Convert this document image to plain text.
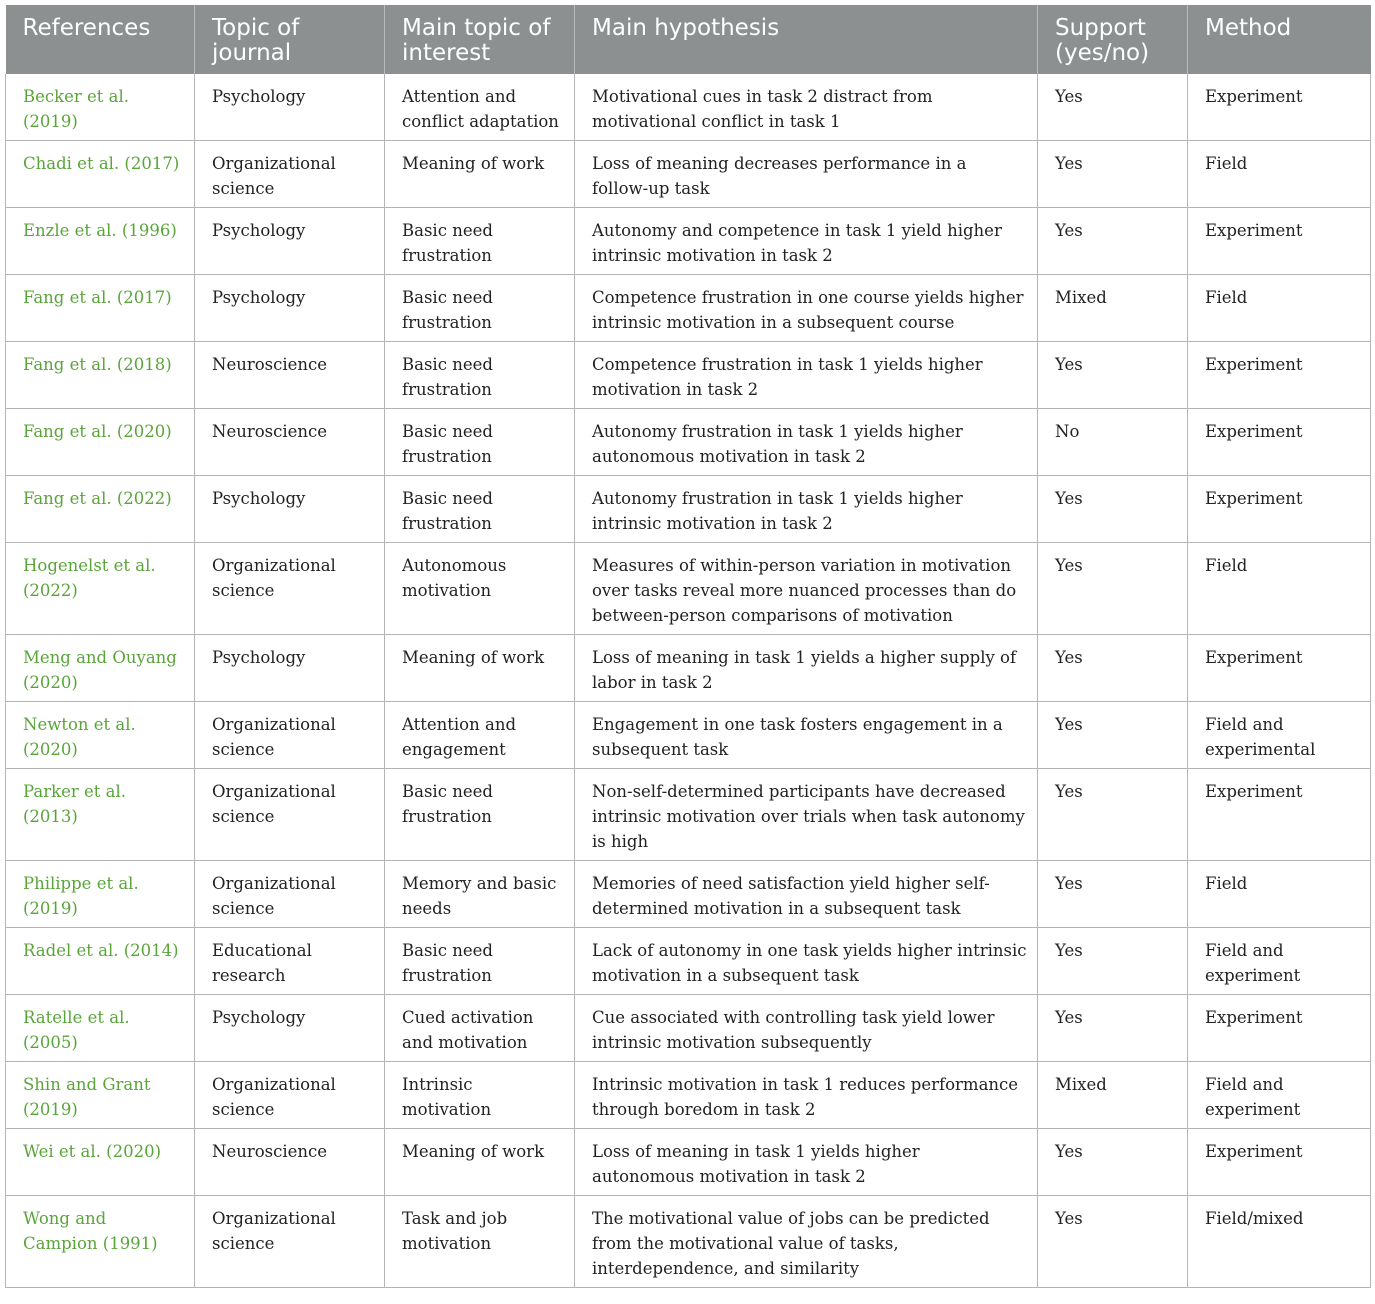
References	Topic of journal	Main topic of interest	Main hypothesis	Support (yes/no)	Method
Becker et al. (2019)	Psychology	Attention and conflict adaptation	Motivational cues in task 2 distract from motivational conflict in task 1	Yes	Experiment
Chadi et al. (2017)	Organizational science	Meaning of work	Loss of meaning decreases performance in a follow-up task	Yes	Field
Enzle et al. (1996)	Psychology	Basic need frustration	Autonomy and competence in task 1 yield higher intrinsic motivation in task 2	Yes	Experiment
Fang et al. (2017)	Psychology	Basic need frustration	Competence frustration in one course yields higher intrinsic motivation in a subsequent course	Mixed	Field
Fang et al. (2018)	Neuroscience	Basic need frustration	Competence frustration in task 1 yields higher motivation in task 2	Yes	Experiment
Fang et al. (2020)	Neuroscience	Basic need frustration	Autonomy frustration in task 1 yields higher autonomous motivation in task 2	No	Experiment
Fang et al. (2022)	Psychology	Basic need frustration	Autonomy frustration in task 1 yields higher intrinsic motivation in task 2	Yes	Experiment
Hogenelst et al. (2022)	Organizational science	Autonomous motivation	Measures of within-person variation in motivation over tasks reveal more nuanced processes than do between-person comparisons of motivation	Yes	Field
Meng and Ouyang (2020)	Psychology	Meaning of work	Loss of meaning in task 1 yields a higher supply of labor in task 2	Yes	Experiment
Newton et al. (2020)	Organizational science	Attention and engagement	Engagement in one task fosters engagement in a subsequent task	Yes	Field and experimental
Parker et al. (2013)	Organizational science	Basic need frustration	Non-self-determined participants have decreased intrinsic motivation over trials when task autonomy is high	Yes	Experiment
Philippe et al. (2019)	Organizational science	Memory and basic needs	Memories of need satisfaction yield higher self-determined motivation in a subsequent task	Yes	Field
Radel et al. (2014)	Educational research	Basic need frustration	Lack of autonomy in one task yields higher intrinsic motivation in a subsequent task	Yes	Field and experiment
Ratelle et al. (2005)	Psychology	Cued activation and motivation	Cue associated with controlling task yield lower intrinsic motivation subsequently	Yes	Experiment
Shin and Grant (2019)	Organizational science	Intrinsic motivation	Intrinsic motivation in task 1 reduces performance through boredom in task 2	Mixed	Field and experiment
Wei et al. (2020)	Neuroscience	Meaning of work	Loss of meaning in task 1 yields higher autonomous motivation in task 2	Yes	Experiment
Wong and Campion (1991)	Organizational science	Task and job motivation	The motivational value of jobs can be predicted from the motivational value of tasks, interdependence, and similarity	Yes	Field/mixed
